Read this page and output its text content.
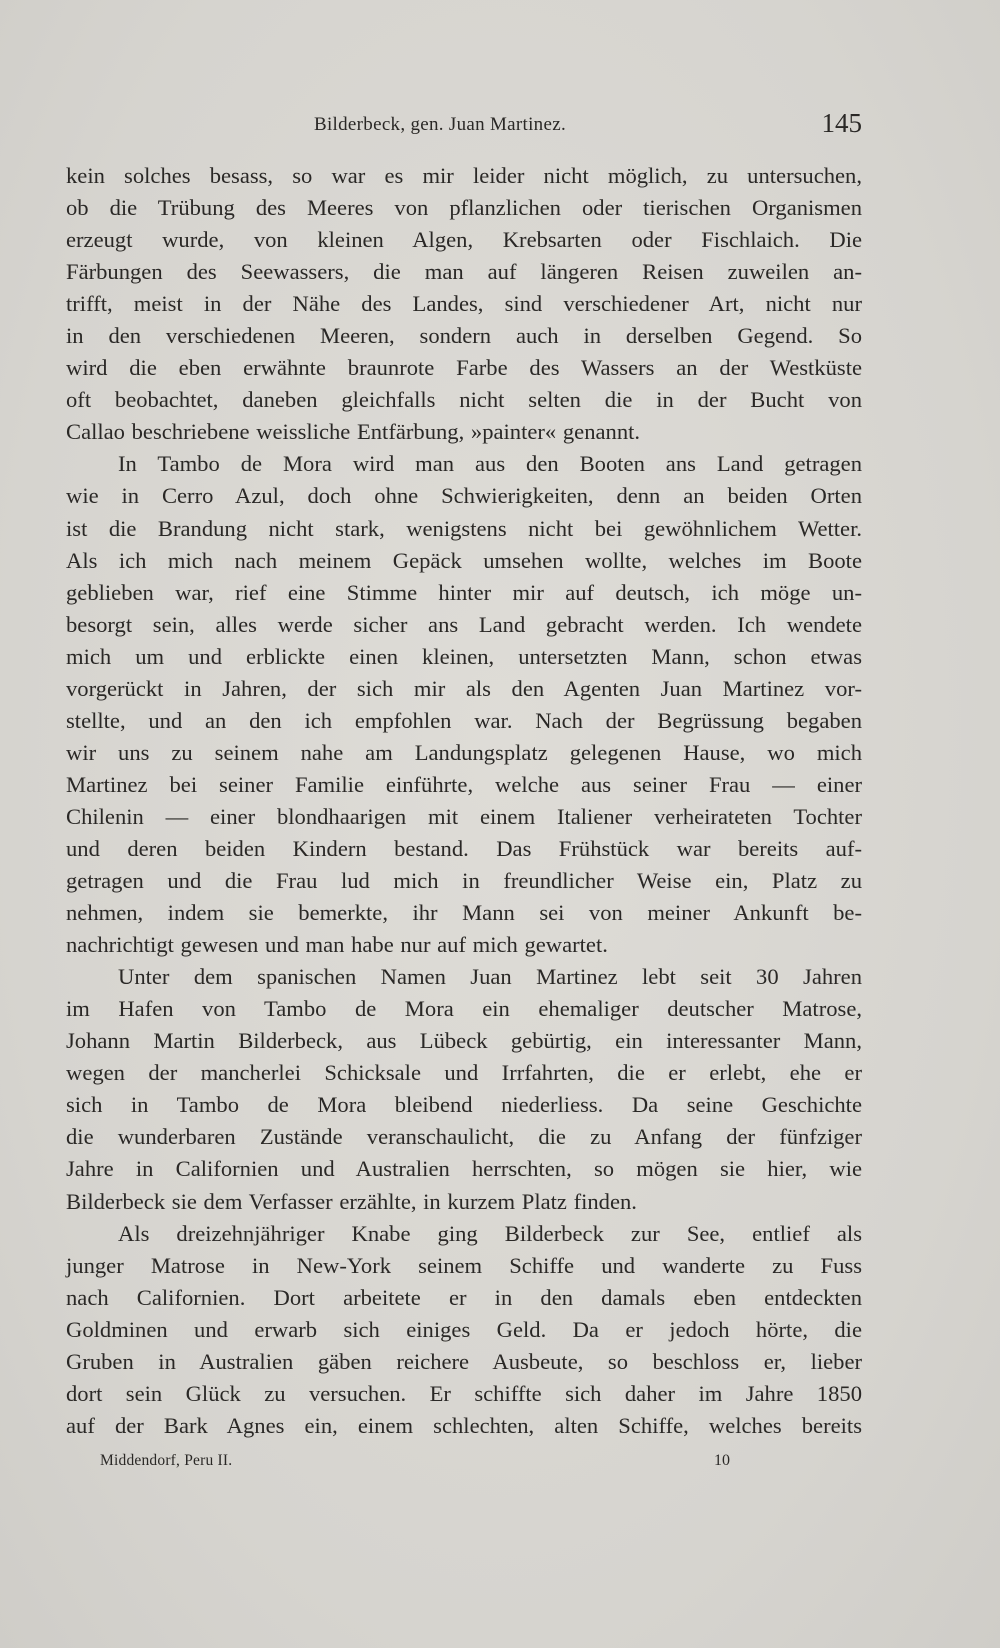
Bilderbeck, gen. Juan Martinez.	145
kein solches besass, so war es mir leider nicht möglich, zu untersuchen,
ob die Trübung des Meeres von pflanzlichen oder tierischen Organismen
erzeugt wurde, von kleinen Algen, Krebsarten oder Fischlaich. Die
Färbungen des Seewassers, die man auf längeren Reisen zuweilen an-
trifft, meist in der Nähe des Landes, sind verschiedener Art, nicht nur
in den verschiedenen Meeren, sondern auch in derselben Gegend. So
wird die eben erwähnte braunrote Farbe des Wassers an der Westküste
oft beobachtet, daneben gleichfalls nicht selten die in der Bucht von
Callao beschriebene weissliche Entfärbung, »painter« genannt.
In Tambo de Mora wird man aus den Booten ans Land getragen
wie in Cerro Azul, doch ohne Schwierigkeiten, denn an beiden Orten
ist die Brandung nicht stark, wenigstens nicht bei gewöhnlichem Wetter.
Als ich mich nach meinem Gepäck umsehen wollte, welches im Boote
geblieben war, rief eine Stimme hinter mir auf deutsch, ich möge un-
besorgt sein, alles werde sicher ans Land gebracht werden. Ich wendete
mich um und erblickte einen kleinen, untersetzten Mann, schon etwas
vorgerückt in Jahren, der sich mir als den Agenten Juan Martinez vor-
stellte, und an den ich empfohlen war. Nach der Begrüssung begaben
wir uns zu seinem nahe am Landungsplatz gelegenen Hause, wo mich
Martinez bei seiner Familie einführte, welche aus seiner Frau — einer
Chilenin — einer blondhaarigen mit einem Italiener verheirateten Tochter
und deren beiden Kindern bestand. Das Frühstück war bereits auf-
getragen und die Frau lud mich in freundlicher Weise ein, Platz zu
nehmen, indem sie bemerkte, ihr Mann sei von meiner Ankunft be-
nachrichtigt gewesen und man habe nur auf mich gewartet.
Unter dem spanischen Namen Juan Martinez lebt seit 30 Jahren
im Hafen von Tambo de Mora ein ehemaliger deutscher Matrose,
Johann Martin Bilderbeck, aus Lübeck gebürtig, ein interessanter Mann,
wegen der mancherlei Schicksale und Irrfahrten, die er erlebt, ehe er
sich in Tambo de Mora bleibend niederliess. Da seine Geschichte
die wunderbaren Zustände veranschaulicht, die zu Anfang der fünfziger
Jahre in Californien und Australien herrschten, so mögen sie hier, wie
Bilderbeck sie dem Verfasser erzählte, in kurzem Platz finden.
Als dreizehnjähriger Knabe ging Bilderbeck zur See, entlief als
junger Matrose in New-York seinem Schiffe und wanderte zu Fuss
nach Californien. Dort arbeitete er in den damals eben entdeckten
Goldminen und erwarb sich einiges Geld. Da er jedoch hörte, die
Gruben in Australien gäben reichere Ausbeute, so beschloss er, lieber
dort sein Glück zu versuchen. Er schiffte sich daher im Jahre 1850
auf der Bark Agnes ein, einem schlechten, alten Schiffe, welches bereits
Middendorf, Peru II.	10
